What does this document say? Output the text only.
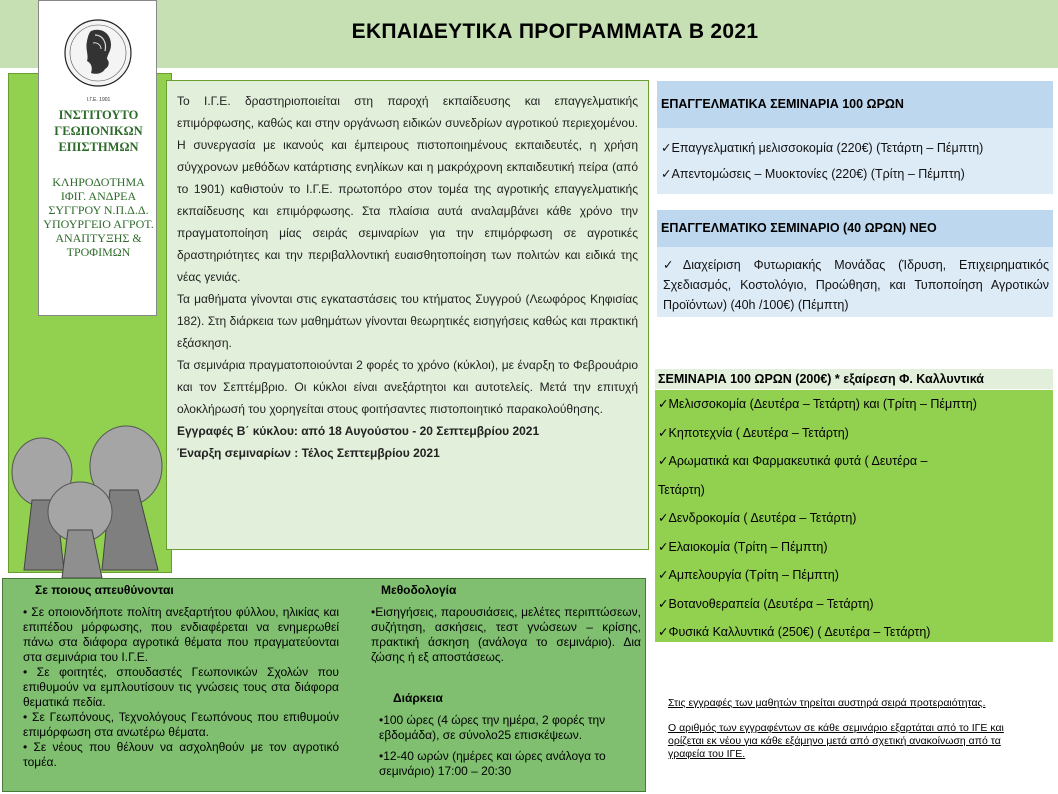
ΕΚΠΑΙΔΕΥΤΙΚΑ ΠΡΟΓΡΑΜΜΑΤΑ Β 2021
Ι.Γ.Ε. 1901
ΙΝΣΤΙΤΟΥΤΟ ΓΕΩΠΟΝΙΚΩΝ ΕΠΙΣΤΗΜΩΝ
ΚΛΗΡΟΔΟΤΗΜΑ ΙΦΙΓ. ΑΝΔΡΕΑ ΣΥΓΓΡΟΥ Ν.Π.Δ.Δ. ΥΠΟΥΡΓΕΙΟ ΑΓΡΟΤ. ΑΝΑΠΤΥΞΗΣ & ΤΡΟΦΙΜΩΝ

Το Ι.Γ.Ε. δραστηριοποιείται στη παροχή εκπαίδευσης και επαγγελματικής επιμόρφωσης, καθώς και στην οργάνωση ειδικών συνεδρίων αγροτικού περιεχομένου. Η συνεργασία με ικανούς και έμπειρους πιστοποιημένους εκπαιδευτές, η χρήση σύγχρονων μεθόδων κατάρτισης ενηλίκων και η μακρόχρονη εκπαιδευτική πείρα (από το 1901) καθιστούν το Ι.Γ.Ε. πρωτοπόρο στον τομέα της αγροτικής επαγγελματικής εκπαίδευσης και επιμόρφωσης. Στα πλαίσια αυτά αναλαμβάνει κάθε χρόνο την πραγματοποίηση μίας σειράς σεμιναρίων για την επιμόρφωση σε αγροτικές δραστηριότητες και την περιβαλλοντική ευαισθητοποίηση των πολιτών και ειδικά της νέας γενιάς.

Τα μαθήματα γίνονται στις εγκαταστάσεις του κτήματος Συγγρού (Λεωφόρος Κηφισίας 182). Στη διάρκεια των μαθημάτων γίνονται θεωρητικές εισηγήσεις καθώς και πρακτική εξάσκηση.

Τα σεμινάρια πραγματοποιούνται 2 φορές το χρόνο (κύκλοι), με έναρξη το Φεβρουάριο και τον Σεπτέμβριο. Οι κύκλοι είναι ανεξάρτητοι και αυτοτελείς. Μετά την επιτυχή ολοκλήρωσή του χορηγείται στους φοιτήσαντες πιστοποιητικό παρακολούθησης.

Εγγραφές Β΄ κύκλου: από 18 Αυγούστου - 20 Σεπτεμβρίου 2021

Έναρξη σεμιναρίων : Τέλος Σεπτεμβρίου 2021

ΕΠΑΓΓΕΛΜΑΤΙΚΑ ΣΕΜΙΝΑΡΙΑ 100 ΩΡΩΝ
✓Επαγγελματική μελισσοκομία (220€) (Τετάρτη – Πέμπτη)
✓Απεντομώσεις – Μυοκτονίες (220€) (Τρίτη – Πέμπτη)
ΕΠΑΓΓΕΛΜΑΤΙΚΟ ΣΕΜΙΝΑΡΙΟ (40 ΩΡΩΝ) ΝΕΟ
✓Διαχείριση Φυτωριακής Μονάδας (Ίδρυση, Επιχειρηματικός Σχεδιασμός, Κοστολόγιο, Προώθηση, και Τυποποίηση Αγροτικών Προϊόντων) (40h /100€) (Πέμπτη)
ΣΕΜΙΝΑΡΙΑ 100 ΩΡΩΝ (200€) * εξαίρεση Φ. Καλλυντικά
✓Μελισσοκομία (Δευτέρα – Τετάρτη) και (Τρίτη – Πέμπτη)
✓Κηποτεχνία ( Δευτέρα – Τετάρτη)
✓Αρωματικά και Φαρμακευτικά φυτά ( Δευτέρα –
Τετάρτη)
✓Δενδροκομία ( Δευτέρα – Τετάρτη)
✓Ελαιοκομία (Τρίτη – Πέμπτη)
✓Αμπελουργία (Τρίτη – Πέμπτη)
✓Βοτανοθεραπεία (Δευτέρα – Τετάρτη)
✓Φυσικά Καλλυντικά (250€) ( Δευτέρα – Τετάρτη)
Σε ποιους απευθύνονται
• Σε οποιονδήποτε πολίτη ανεξαρτήτου φύλλου, ηλικίας και επιπέδου μόρφωσης, που ενδιαφέρεται να ενημερωθεί πάνω στα διάφορα αγροτικά θέματα που πραγματεύονται στα σεμινάρια του Ι.Γ.Ε.
• Σε φοιτητές, σπουδαστές Γεωπονικών Σχολών που επιθυμούν να εμπλουτίσουν τις γνώσεις τους στα διάφορα θεματικά πεδία.
• Σε Γεωπόνους, Τεχνολόγους Γεωπόνους που επιθυμούν επιμόρφωση στα ανωτέρω θέματα.
• Σε νέους που θέλουν να ασχοληθούν με τον αγροτικό τομέα.
Μεθοδολογία
•Εισηγήσεις, παρουσιάσεις, μελέτες περιπτώσεων, συζήτηση, ασκήσεις, τεστ γνώσεων – κρίσης, πρακτική άσκηση (ανάλογα το σεμινάριο). Δια ζώσης ή εξ αποστάσεως.
Διάρκεια
•100 ώρες (4 ώρες την ημέρα, 2 φορές την εβδομάδα), σε σύνολο25 επισκέψεων.
•12-40 ωρών (ημέρες και ώρες ανάλογα το σεμινάριο) 17:00 – 20:30
Στις εγγραφές των μαθητών τηρείται αυστηρά σειρά προτεραιότητας.
Ο αριθμός των εγγραφέντων σε κάθε σεμινάριο εξαρτάται από το ΙΓΕ και ορίζεται εκ νέου για κάθε εξάμηνο μετά από σχετική ανακοίνωση από τα γραφεία του ΙΓΕ.
